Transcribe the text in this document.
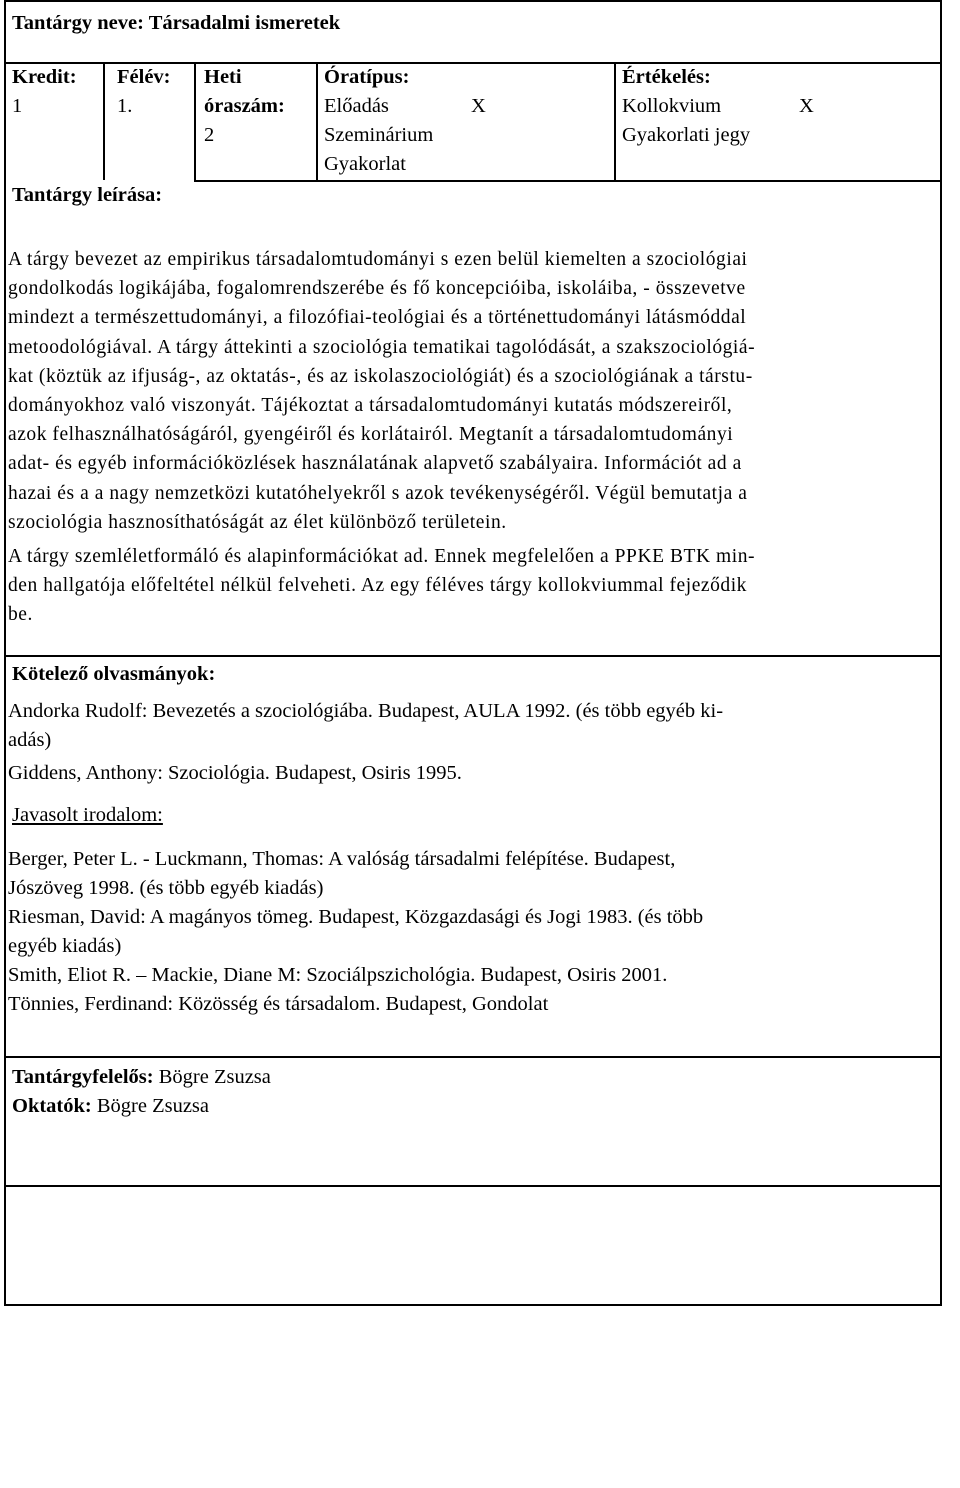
Tantárgy neve: Társadalmi ismeretek
Kredit:
1
Félév:
1.
Heti
óraszám:
2
Óratípus:
Előadás	X
Szeminárium
Gyakorlat
Értékelés:
Kollokvium	X
Gyakorlati jegy
Tantárgy leírása:
A tárgy bevezet az empirikus társadalomtudományi s ezen belül kiemelten a szociológiai
gondolkodás logikájába, fogalomrendszerébe és fő koncepcióiba, iskoláiba, - összevetve
mindezt a természettudományi, a filozófiai-teológiai és a történettudományi látásmóddal
metoodológiával. A tárgy áttekinti a szociológia tematikai tagolódását, a szakszociológiá-
kat (köztük az ifjuság-, az oktatás-, és az iskolaszociológiát) és a szociológiának a társtu-
dományokhoz való viszonyát. Tájékoztat a társadalomtudományi kutatás módszereiről,
azok felhasználhatóságáról, gyengéiről és korlátairól. Megtanít a társadalomtudományi
adat- és egyéb információközlések használatának alapvető szabályaira. Információt ad a
hazai és a a nagy nemzetközi kutatóhelyekről s azok tevékenységéről. Végül bemutatja a
szociológia hasznosíthatóságát az élet különböző területein.
A tárgy szemléletformáló és alapinformációkat ad. Ennek megfelelően a PPKE BTK min-
den hallgatója előfeltétel nélkül felveheti. Az egy féléves tárgy kollokviummal fejeződik
be.
Kötelező olvasmányok:
Andorka Rudolf: Bevezetés a szociológiába. Budapest, AULA 1992. (és több egyéb ki-
adás)
Giddens, Anthony: Szociológia. Budapest, Osiris 1995.
Javasolt irodalom:
Berger, Peter L. - Luckmann, Thomas: A valóság társadalmi felépítése. Budapest,
Jószöveg 1998. (és több egyéb kiadás)
Riesman, David: A magányos tömeg. Budapest, Közgazdasági és Jogi 1983. (és több
egyéb kiadás)
Smith, Eliot R. – Mackie, Diane M: Szociálpszichológia. Budapest, Osiris 2001.
Tönnies, Ferdinand: Közösség és társadalom. Budapest, Gondolat
Tantárgyfelelős: Bögre Zsuzsa
Oktatók: Bögre Zsuzsa
